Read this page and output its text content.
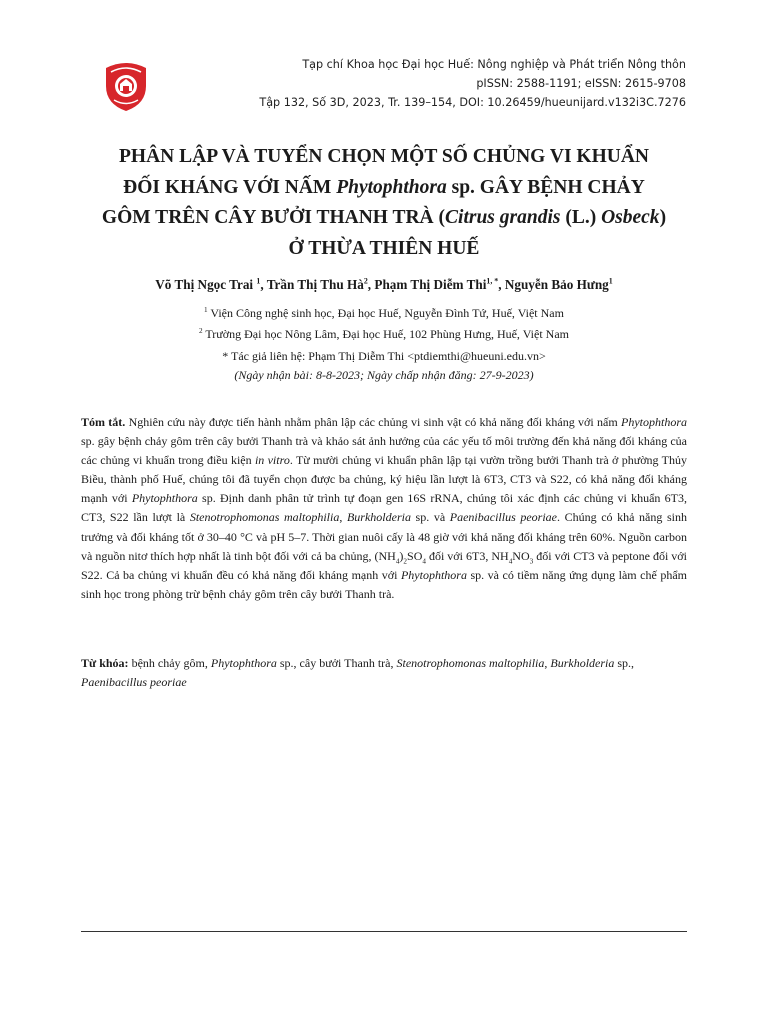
Tạp chí Khoa học Đại học Huế: Nông nghiệp và Phát triển Nông thôn
pISSN: 2588-1191; eISSN: 2615-9708
Tập 132, Số 3D, 2023, Tr. 139–154, DOI: 10.26459/hueunijard.v132i3C.7276
PHÂN LẬP VÀ TUYỂN CHỌN MỘT SỐ CHỦNG VI KHUẨN
ĐỐI KHÁNG VỚI NẤM Phytophthora sp. GÂY BỆNH CHẢY
GÔM TRÊN CÂY BƯỞI THANH TRÀ (Citrus grandis (L.) Osbeck)
Ở THỪA THIÊN HUẾ
Võ Thị Ngọc Trai $^1$, Trần Thị Thu $Hà^2$, Phạm Thị Diễm Thi$^{1, *}$, Nguyễn Bảo Hưng$^1$
$^1$ Viện Công nghệ sinh học, Đại học Huế, Nguyễn Đình Tứ, Huế, Việt Nam
$^2$ Trường Đại học Nông Lâm, Đại học Huế, 102 Phùng Hưng, Huế, Việt Nam
* Tác giả liên hệ: Phạm Thị Diễm Thi <ptdiemthi@hueuni.edu.vn>
(Ngày nhận bài: 8-8-2023; Ngày chấp nhận đăng: 27-9-2023)
Tóm tắt. Nghiên cứu này được tiến hành nhằm phân lập các chủng vi sinh vật có khả năng đối kháng với nấm Phytophthora sp. gây bệnh chảy gôm trên cây bưởi Thanh trà và khảo sát ảnh hưởng của các yếu tố môi trường đến khả năng đối kháng của các chủng vi khuẩn trong điều kiện in vitro. Từ mười chủng vi khuẩn phân lập tại vườn trồng bưởi Thanh trà ở phường Thủy Biều, thành phố Huế, chúng tôi đã tuyển chọn được ba chủng, ký hiệu lần lượt là 6T3, CT3 và S22, có khả năng đối kháng mạnh với Phytophthora sp. Định danh phân tử trình tự đoạn gen 16S rRNA, chúng tôi xác định các chủng vi khuẩn 6T3, CT3, S22 lần lượt là Stenotrophomonas maltophilia, Burkholderia sp. và Paenibacillus peoriae. Chúng có khả năng sinh trưởng và đối kháng tốt ở 30–40 °C và pH 5–7. Thời gian nuôi cấy là 48 giờ với khả năng đối kháng trên 60%. Nguồn carbon và nguồn nitơ thích hợp nhất là tinh bột đối với cả ba chủng, $(NH_4)_2SO_4$ đối với 6T3, $NH_4NO_3$ đối với CT3 và peptone đối với S22. Cả ba chủng vi khuẩn đều có khả năng đối kháng mạnh với Phytophthora sp. và có tiềm năng ứng dụng làm chế phẩm sinh học trong phòng trừ bệnh chảy gôm trên cây bưởi Thanh trà.
Từ khóa: bệnh chảy gôm, Phytophthora sp., cây bưởi Thanh trà, Stenotrophomonas maltophilia, Burkholderia sp., Paenibacillus peoriae
